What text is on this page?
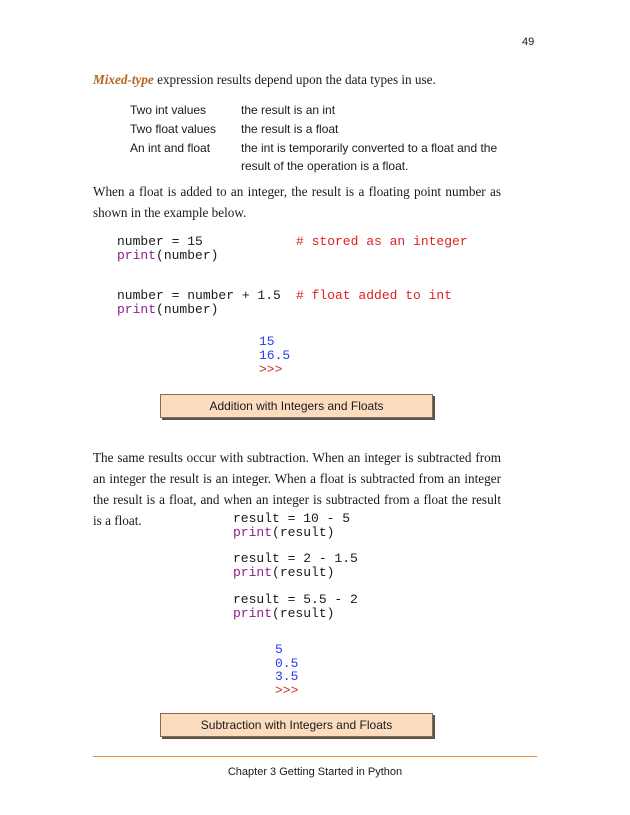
49
Mixed-type expression results depend upon the data types in use.
Two int values	the result is an int
Two float values the result is a float
An int and float	the int is temporarily converted to a float and the result of the operation is a float.
When a float is added to an integer, the result is a floating point number as shown in the example below.
number = 15	# stored as an integer
print(number)
number = number + 1.5 # float added to int
print(number)
15
16.5
>>>
Addition with Integers and Floats
The same results occur with subtraction. When an integer is subtracted from an integer the result is an integer. When a float is subtracted from an integer the result is a float, and when an integer is subtracted from a float the result is a float.	result = 10 - 5
print(result)
result = 2 - 1.5
print(result)
result = 5.5 - 2
print(result)
5
0.5
3.5
>>>
Subtraction with Integers and Floats
Chapter 3 Getting Started in Python
